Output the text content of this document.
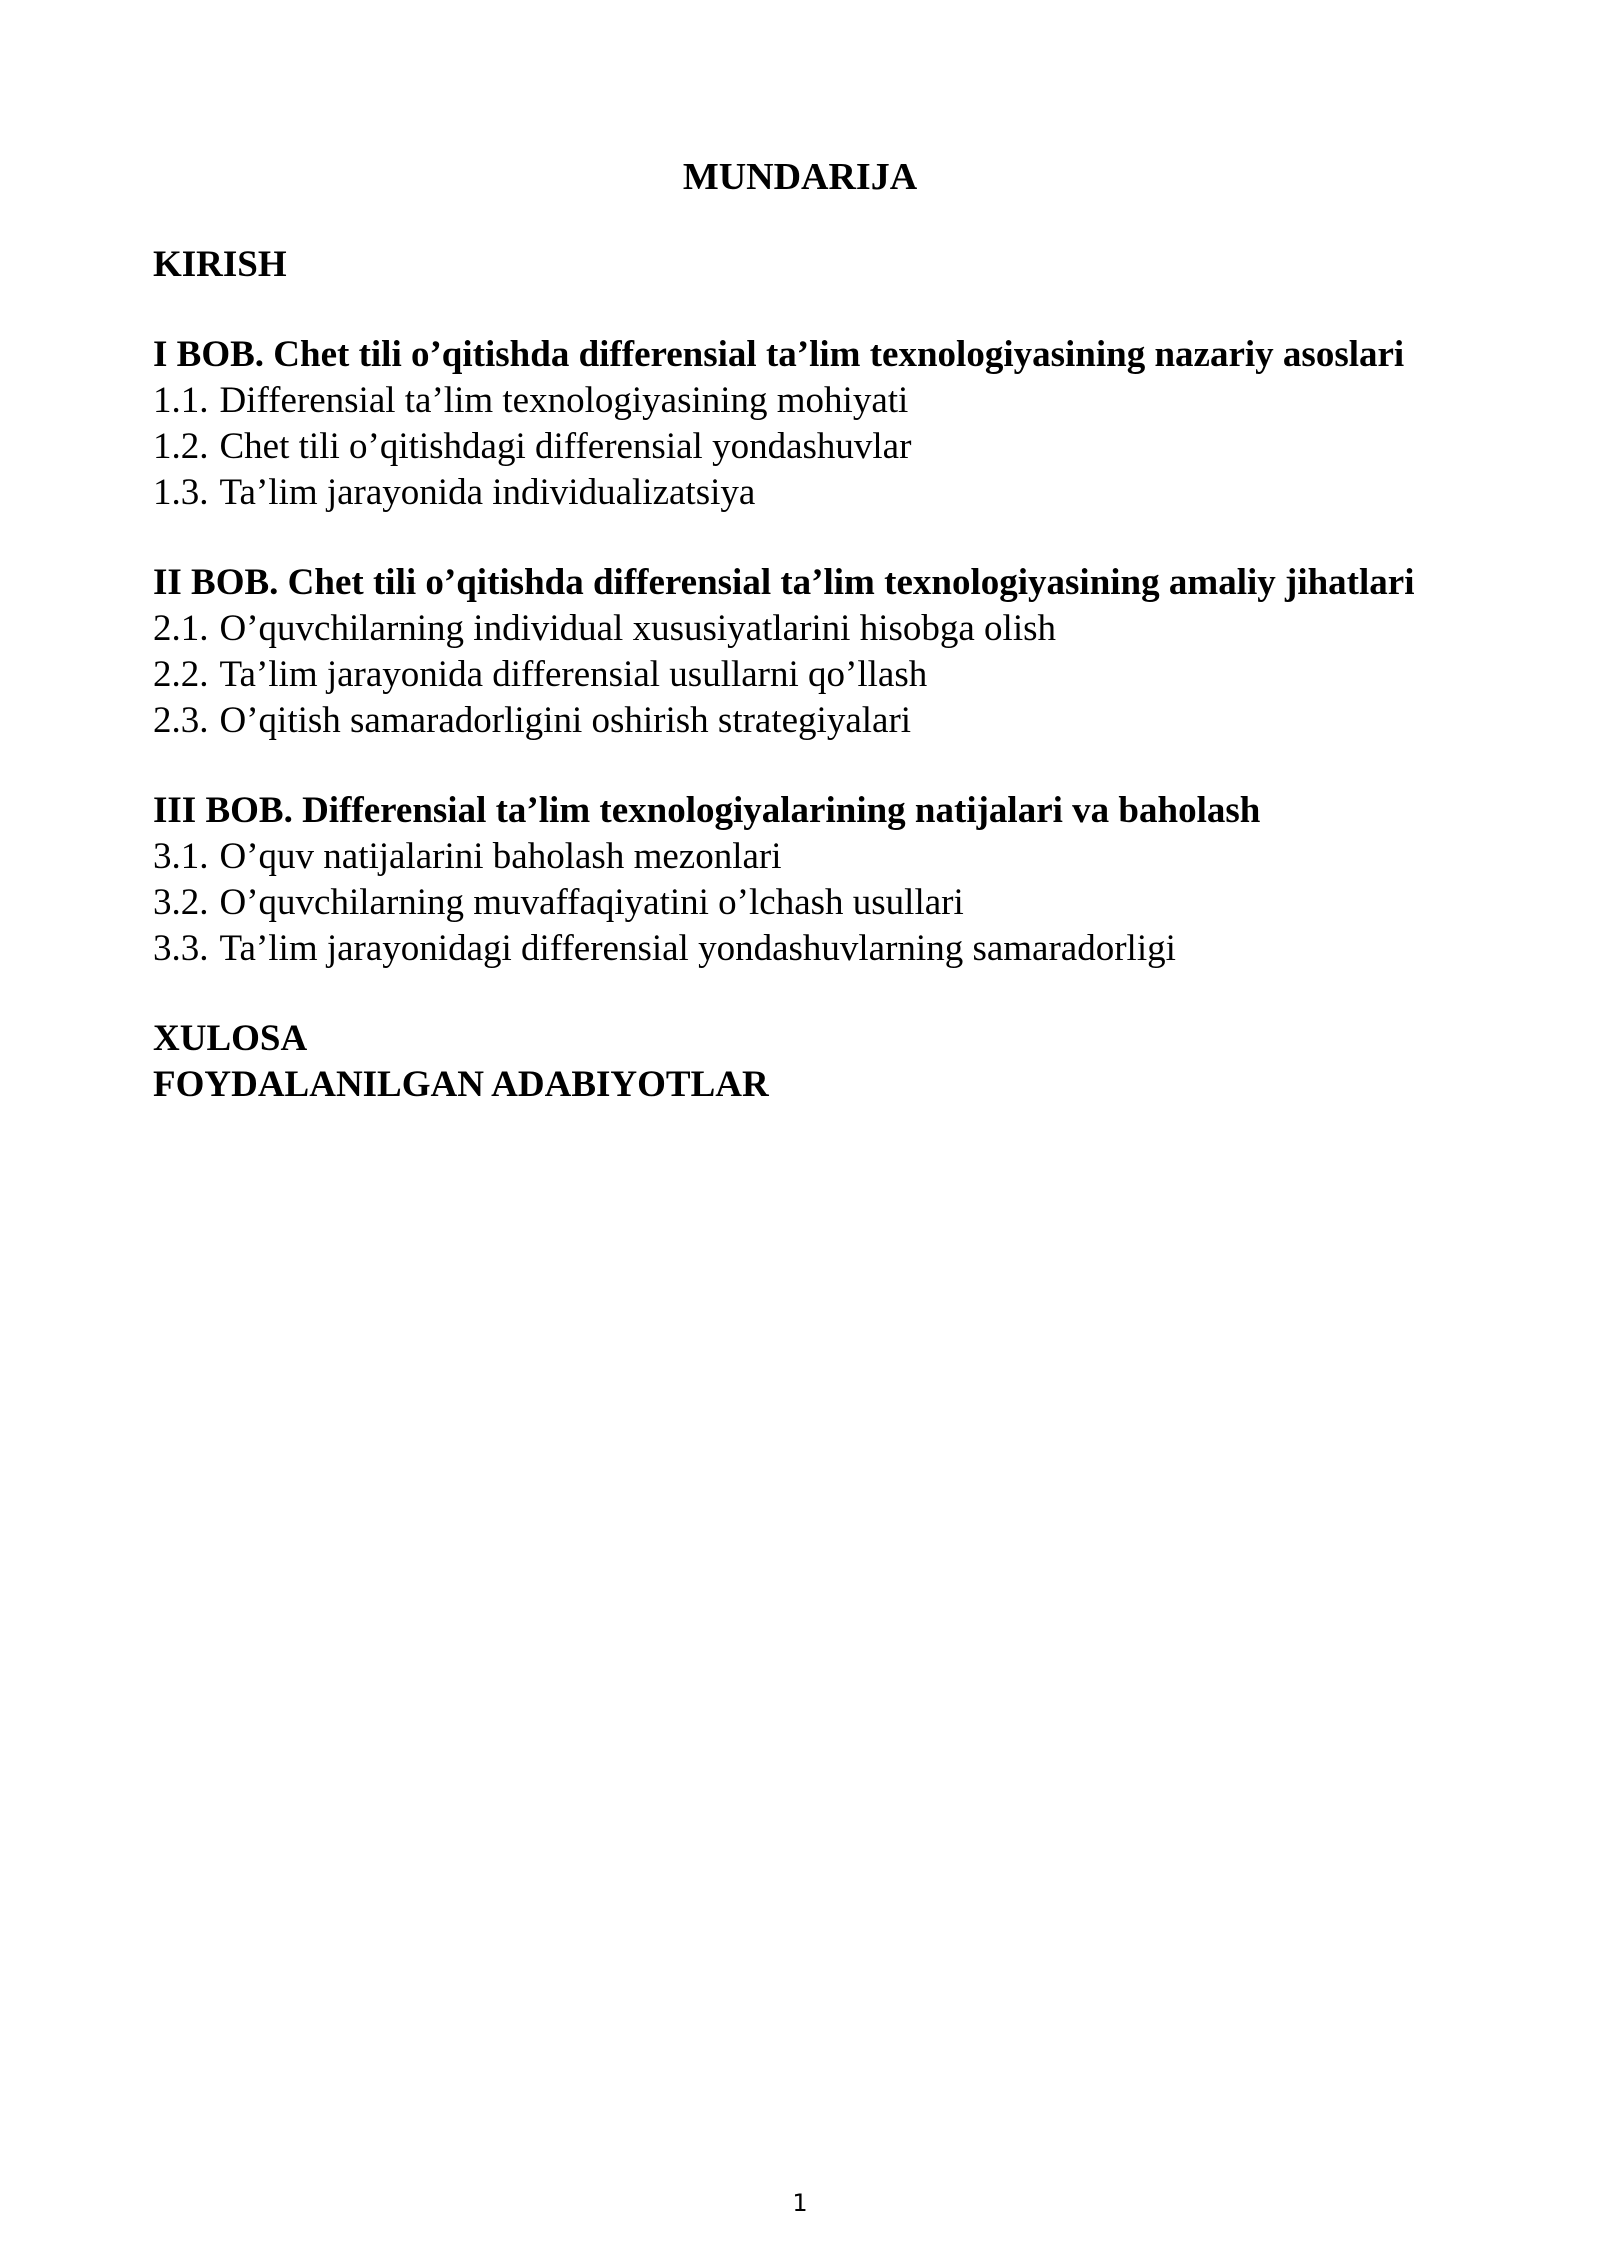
MUNDARIJA
KIRISH
I BOB. Chet tili o’qitishda differensial ta’lim texnologiyasining nazariy asoslari
1.1. Differensial ta’lim texnologiyasining mohiyati
1.2. Chet tili o’qitishdagi differensial yondashuvlar
1.3. Ta’lim jarayonida individualizatsiya
II BOB. Chet tili o’qitishda differensial ta’lim texnologiyasining amaliy jihatlari
2.1. O’quvchilarning individual xususiyatlarini hisobga olish
2.2. Ta’lim jarayonida differensial usullarni qo’llash
2.3. O’qitish samaradorligini oshirish strategiyalari
III BOB. Differensial ta’lim texnologiyalarining natijalari va baholash
3.1. O’quv natijalarini baholash mezonlari
3.2. O’quvchilarning muvaffaqiyatini o’lchash usullari
3.3. Ta’lim jarayonidagi differensial yondashuvlarning samaradorligi
XULOSA
FOYDALANILGAN ADABIYOTLAR
1
